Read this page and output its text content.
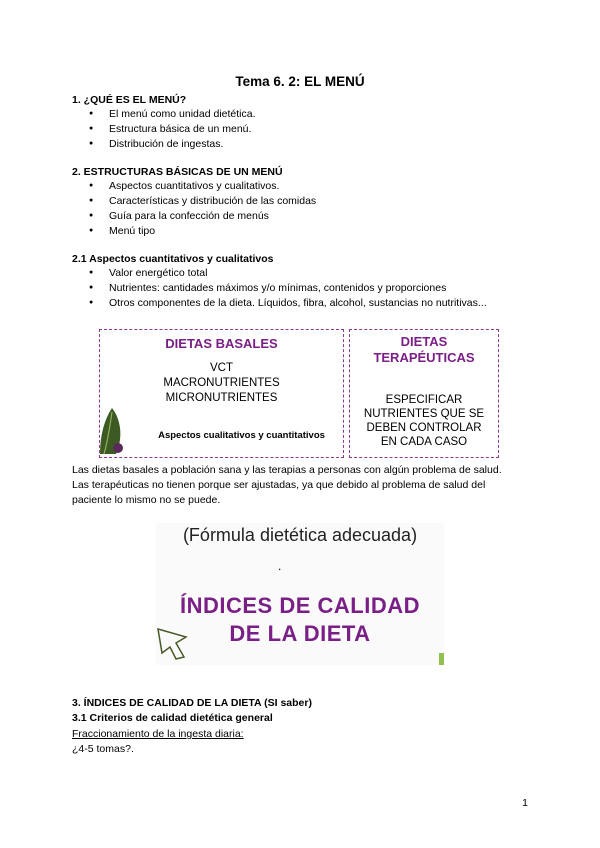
Tema 6. 2: EL MENÚ
1. ¿QUÉ ES EL MENÚ?
● El menú como unidad dietética.
● Estructura básica de un menú.
● Distribución de ingestas.
2. ESTRUCTURAS BÁSICAS DE UN MENÚ
● Aspectos cuantitativos y cualitativos.
● Características y distribución de las comidas
● Guía para la confección de menús
● Menú tipo
2.1 Aspectos cuantitativos y cualitativos
● Valor energético total
● Nutrientes: cantidades máximos y/o mínimas, contenidos y proporciones
● Otros componentes de la dieta. Líquidos, fibra, alcohol, sustancias no nutritivas...
DIETAS BASALES
VCT
MACRONUTRIENTES
MICRONUTRIENTES
Aspectos cualitativos y cuantitativos
DIETAS
TERAPÉUTICAS
ESPECIFICAR
NUTRIENTES QUE SE
DEBEN CONTROLAR
EN CADA CASO
Las dietas basales a población sana y las terapias a personas con algún problema de salud.
Las terapéuticas no tienen porque ser ajustadas, ya que debido al problema de salud del
paciente lo mismo no se puede.
(Fórmula dietética adecuada)
.
ÍNDICES DE CALIDAD
DE LA DIETA
3. ÍNDICES DE CALIDAD DE LA DIETA (SI saber)
3.1 Criterios de calidad dietética general
Fraccionamiento de la ingesta diaria:
¿4-5 tomas?.
1
